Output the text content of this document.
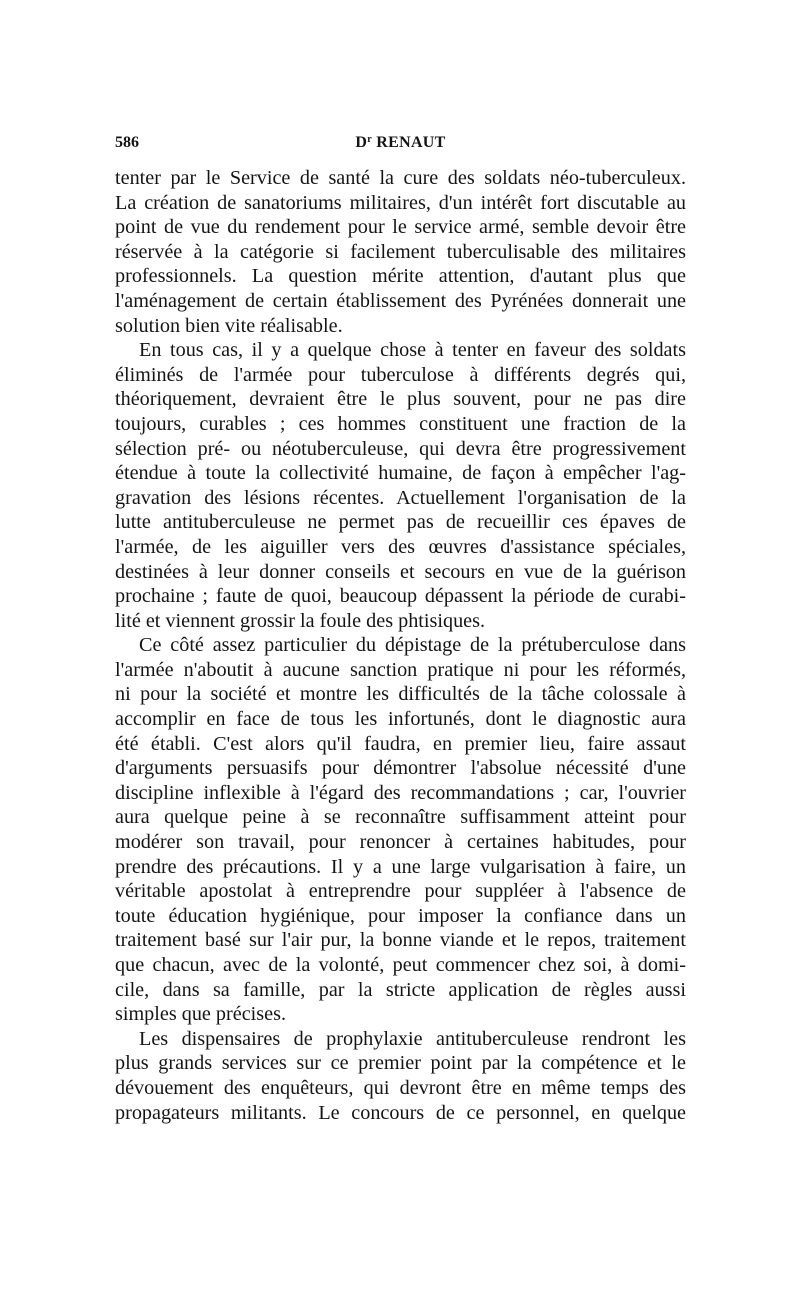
586	$D^r$ RENAUT
tenter par le Service de santé la cure des soldats néo-tuberculeux.
La création de sanatoriums militaires, d'un intérêt fort discutable au
point de vue du rendement pour le service armé, semble devoir être
réservée à la catégorie si facilement tuberculisable des militaires
professionnels. La question mérite attention, d'autant plus que
l'aménagement de certain établissement des Pyrénées donnerait une
solution bien vite réalisable.
En tous cas, il y a quelque chose à tenter en faveur des soldats
éliminés de l'armée pour tuberculose à différents degrés qui,
théoriquement, devraient être le plus souvent, pour ne pas dire
toujours, curables ; ces hommes constituent une fraction de la
sélection pré- ou néotuberculeuse, qui devra être progressivement
étendue à toute la collectivité humaine, de façon à empêcher l'ag-
gravation des lésions récentes. Actuellement l'organisation de la
lutte antituberculeuse ne permet pas de recueillir ces épaves de
l'armée, de les aiguiller vers des œuvres d'assistance spéciales,
destinées à leur donner conseils et secours en vue de la guérison
prochaine ; faute de quoi, beaucoup dépassent la période de curabi-
lité et viennent grossir la foule des phtisiques.
Ce côté assez particulier du dépistage de la prétuberculose dans
l'armée n'aboutit à aucune sanction pratique ni pour les réformés,
ni pour la société et montre les difficultés de la tâche colossale à
accomplir en face de tous les infortunés, dont le diagnostic aura
été établi. C'est alors qu'il faudra, en premier lieu, faire assaut
d'arguments persuasifs pour démontrer l'absolue nécessité d'une
discipline inflexible à l'égard des recommandations ; car, l'ouvrier
aura quelque peine à se reconnaître suffisamment atteint pour
modérer son travail, pour renoncer à certaines habitudes, pour
prendre des précautions. Il y a une large vulgarisation à faire, un
véritable apostolat à entreprendre pour suppléer à l'absence de
toute éducation hygiénique, pour imposer la confiance dans un
traitement basé sur l'air pur, la bonne viande et le repos, traitement
que chacun, avec de la volonté, peut commencer chez soi, à domi-
cile, dans sa famille, par la stricte application de règles aussi
simples que précises.
Les dispensaires de prophylaxie antituberculeuse rendront les
plus grands services sur ce premier point par la compétence et le
dévouement des enquêteurs, qui devront être en même temps des
propagateurs militants. Le concours de ce personnel, en quelque
